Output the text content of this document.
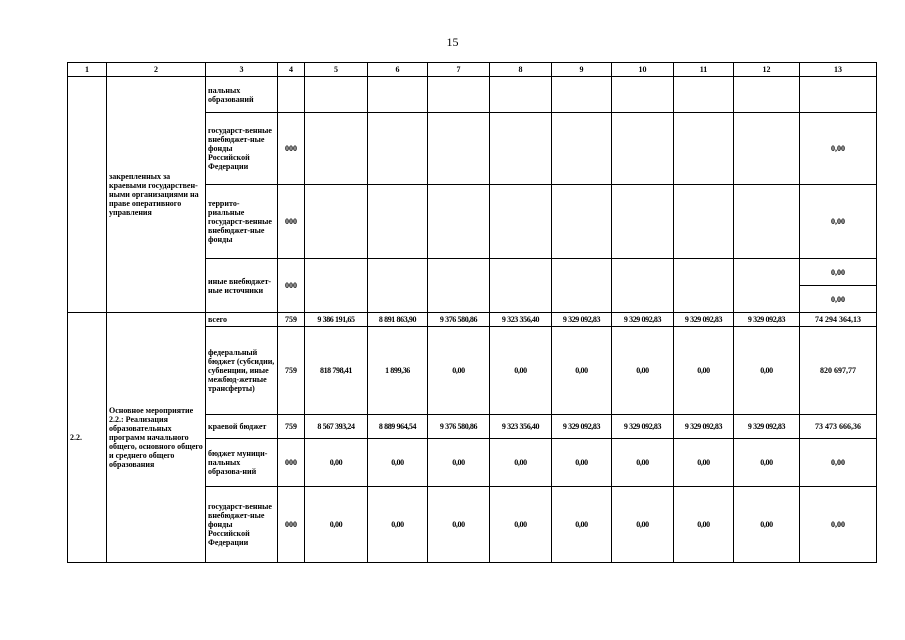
15
1	2	3	4	5	6	7	8	9	10	11	12	13
	закрепленных за краевыми государствен-ными организациями на праве оперативного управления	пальных образований										
		государст-венные внебюджет-ные фонды Российской Федерации	000									0,00
		террито-риальные государст-венные внебюджет-ные фонды	000									0,00
		иные внебюджет-ные источники	000									0,00
												0,00
2.2.	Основное мероприятие 2.2.: Реализация образовательных программ начального общего, основного общего и среднего общего образования	всего	759	9 386 191,65	8 891 863,90	9 376 580,86	9 323 356,40	9 329 092,83	9 329 092,83	9 329 092,83	9 329 092,83	74 294 364,13
		федеральный бюджет (субсидии, субвенции, иные межбюд-жетные трансферты)	759	818 798,41	1 899,36	0,00	0,00	0,00	0,00	0,00	0,00	820 697,77
		краевой бюджет	759	8 567 393,24	8 889 964,54	9 376 580,86	9 323 356,40	9 329 092,83	9 329 092,83	9 329 092,83	9 329 092,83	73 473 666,36
		бюджет муници-пальных образова-ний	000	0,00	0,00	0,00	0,00	0,00	0,00	0,00	0,00	0,00
		государст-венные внебюджет-ные фонды Российской Федерации	000	0,00	0,00	0,00	0,00	0,00	0,00	0,00	0,00	0,00
